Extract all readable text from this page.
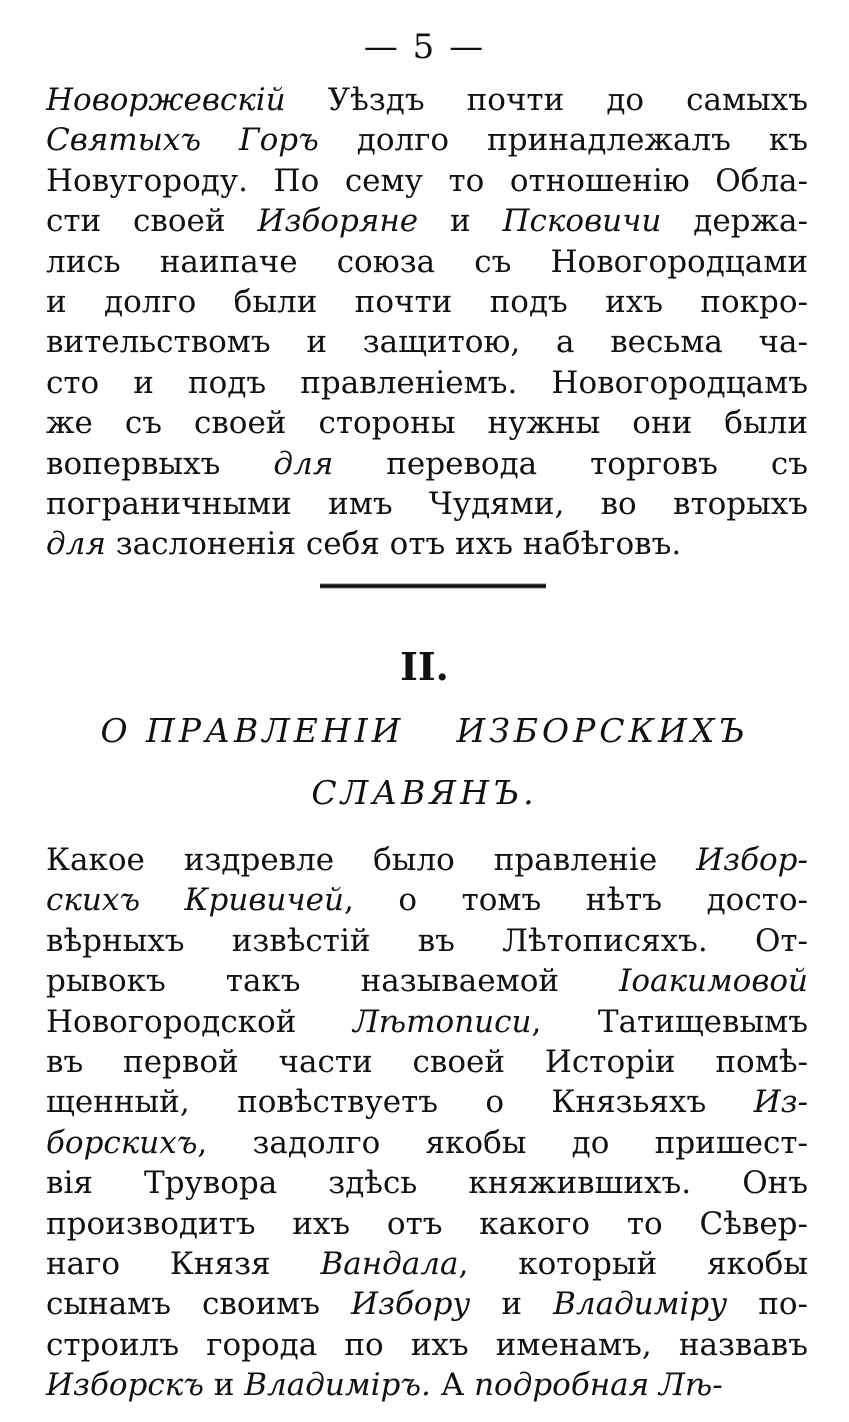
— 5 —
Новоржевскій Уѣздъ почти до самыхъ
Святыхъ Горъ долго принадлежалъ къ
Новугороду. По сему то отношенію Обла-
сти своей Изборяне и Псковичи держа-
лись наипаче союза съ Новогородцами
и долго были почти подъ ихъ покро-
вительствомъ и защитою, а весьма ча-
сто и подъ правленіемъ. Новогородцамъ
же съ своей стороны нужны они были
вопервыхъ для перевода торговъ съ
пограничными имъ Чудями, во вторыхъ
для заслоненія себя отъ ихъ набѣговъ.
II.
О ПРАВЛЕНІИ ИЗБОРСКИХЪ
СЛАВЯНЪ.
Какое издревле было правленіе Избор-
скихъ Кривичей, о томъ нѣтъ досто-
вѣрныхъ извѣстій въ Лѣтописяхъ. От-
рывокъ такъ называемой Іоакимовой
Новогородской Лѣтописи, Татищевымъ
въ первой части своей Исторіи помѣ-
щенный, повѣствуетъ о Князьяхъ Из-
борскихъ, задолго якобы до пришест-
вія Трувора здѣсь княжившихъ. Онъ
производитъ ихъ отъ какого то Сѣвер-
наго Князя Вандала, который якобы
сынамъ своимъ Избору и Владиміру по-
строилъ города по ихъ именамъ, назвавъ
Изборскъ и Владиміръ. А подробная Лѣ-
